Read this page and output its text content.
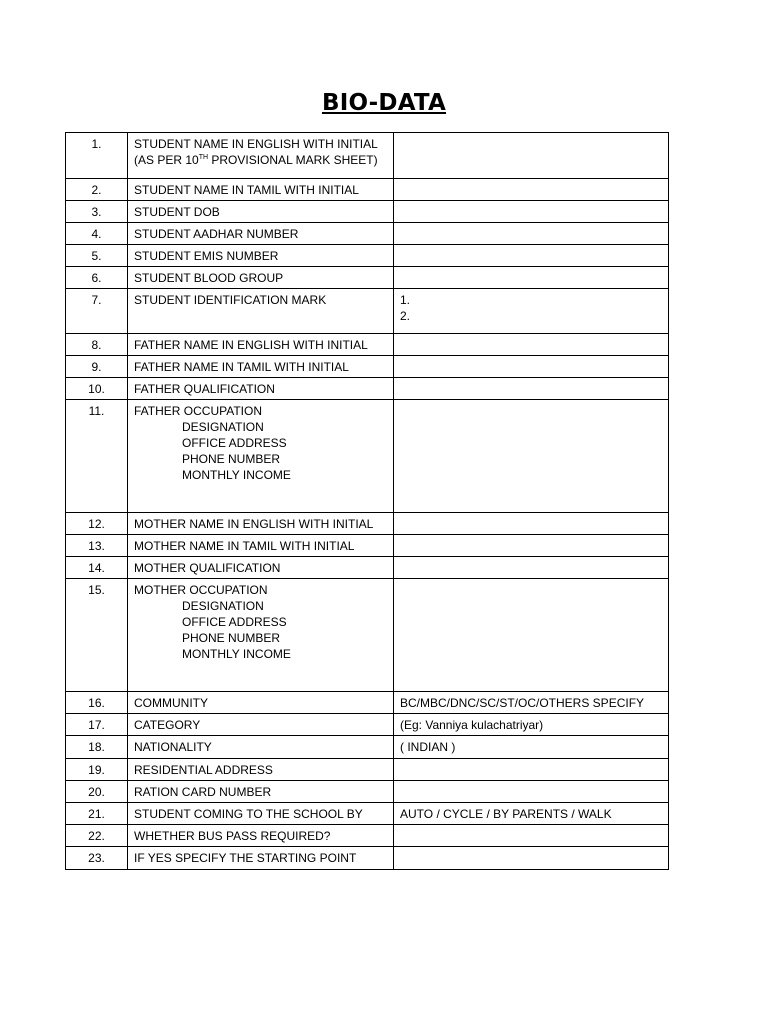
BIO-DATA
1.	STUDENT NAME IN ENGLISH WITH INITIAL
(AS PER 10TH PROVISIONAL MARK SHEET)	

2.	STUDENT NAME IN TAMIL WITH INITIAL	
3.	STUDENT DOB	
4.	STUDENT AADHAR NUMBER	
5.	STUDENT EMIS NUMBER	
6.	STUDENT BLOOD GROUP	
7.	STUDENT IDENTIFICATION MARK	1.
2.

8.	FATHER NAME IN ENGLISH WITH INITIAL	
9.	FATHER NAME IN TAMIL WITH INITIAL	
10.	FATHER QUALIFICATION	
11.	FATHER OCCUPATION
DESIGNATION
OFFICE ADDRESS
PHONE NUMBER
MONTHLY INCOME	

12.	MOTHER NAME IN ENGLISH WITH INITIAL	
13.	MOTHER NAME IN TAMIL WITH INITIAL	
14.	MOTHER QUALIFICATION	
15.	MOTHER OCCUPATION
DESIGNATION
OFFICE ADDRESS
PHONE NUMBER
MONTHLY INCOME	

16.	COMMUNITY	BC/MBC/DNC/SC/ST/OC/OTHERS SPECIFY
17.	CATEGORY	(Eg: Vanniya kulachatriyar)
18.	NATIONALITY	( INDIAN )
19.	RESIDENTIAL ADDRESS	
20.	RATION CARD NUMBER	
21.	STUDENT COMING TO THE SCHOOL BY	AUTO / CYCLE / BY PARENTS / WALK
22.	WHETHER BUS PASS REQUIRED?	
23.	IF YES SPECIFY THE STARTING POINT	
